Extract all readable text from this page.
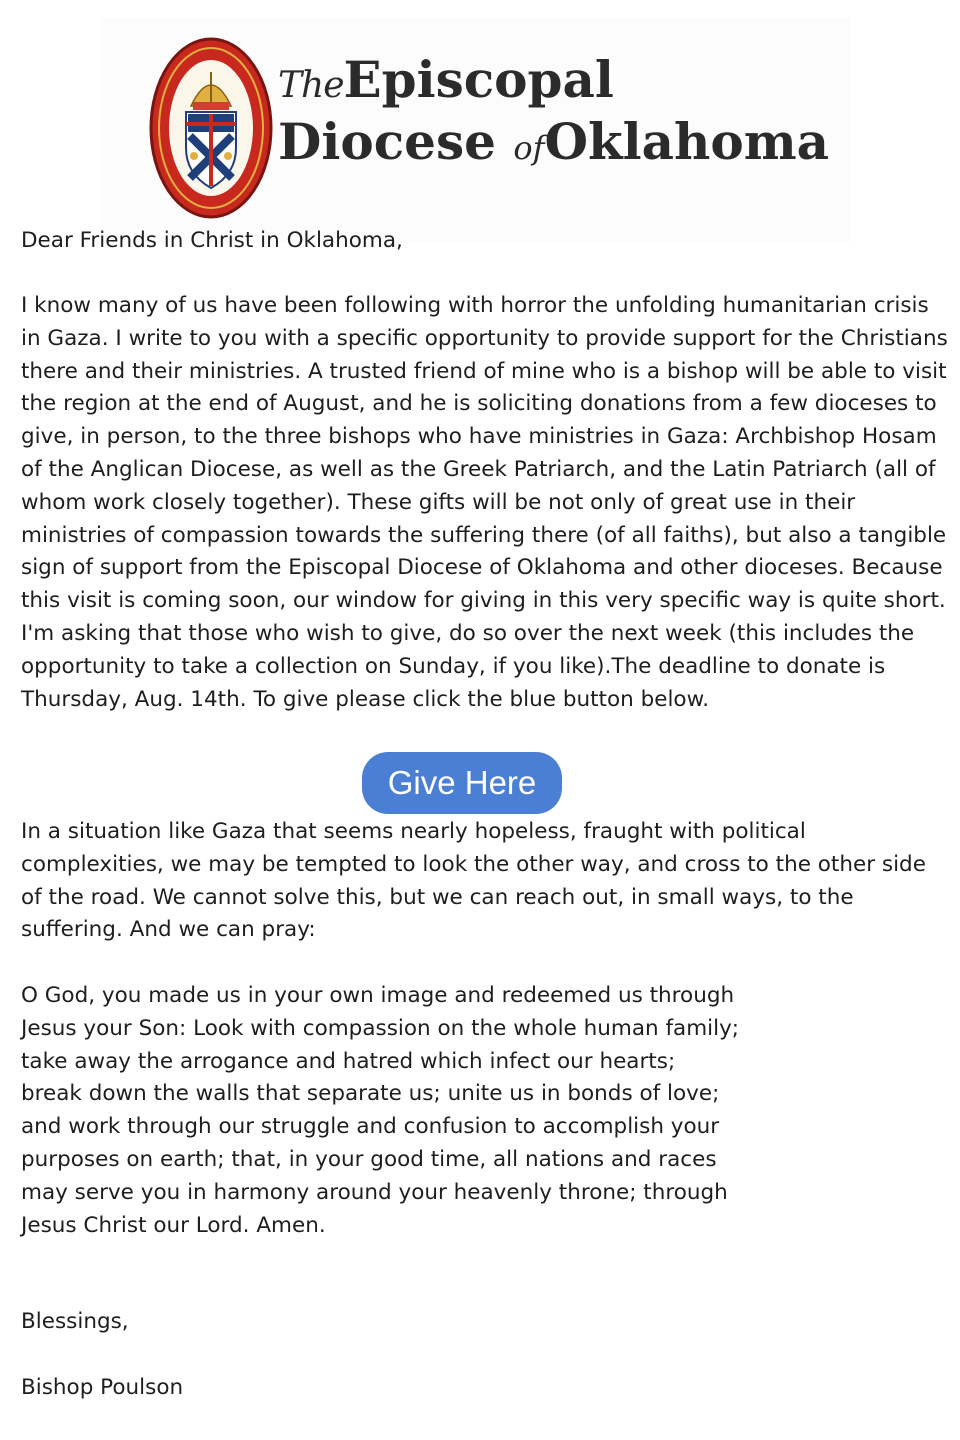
TheEpiscopal
Diocese ofOklahoma

Dear Friends in Christ in Oklahoma,

I know many of us have been following with horror the unfolding humanitarian crisis in Gaza. I write to you with a specific opportunity to provide support for the Christians there and their ministries. A trusted friend of mine who is a bishop will be able to visit the region at the end of August, and he is soliciting donations from a few dioceses to give, in person, to the three bishops who have ministries in Gaza: Archbishop Hosam of the Anglican Diocese, as well as the Greek Patriarch, and the Latin Patriarch (all of whom work closely together). These gifts will be not only of great use in their ministries of compassion towards the suffering there (of all faiths), but also a tangible sign of support from the Episcopal Diocese of Oklahoma and other dioceses. Because this visit is coming soon, our window for giving in this very specific way is quite short. I'm asking that those who wish to give, do so over the next week (this includes the opportunity to take a collection on Sunday, if you like).The deadline to donate is Thursday, Aug. 14th. To give please click the blue button below.

Give Here

In a situation like Gaza that seems nearly hopeless, fraught with political complexities, we may be tempted to look the other way, and cross to the other side of the road. We cannot solve this, but we can reach out, in small ways, to the suffering. And we can pray:

O God, you made us in your own image and redeemed us through Jesus your Son: Look with compassion on the whole human family; take away the arrogance and hatred which infect our hearts; break down the walls that separate us; unite us in bonds of love; and work through our struggle and confusion to accomplish your purposes on earth; that, in your good time, all nations and races may serve you in harmony around your heavenly throne; through Jesus Christ our Lord. Amen.

Blessings,

Bishop Poulson
